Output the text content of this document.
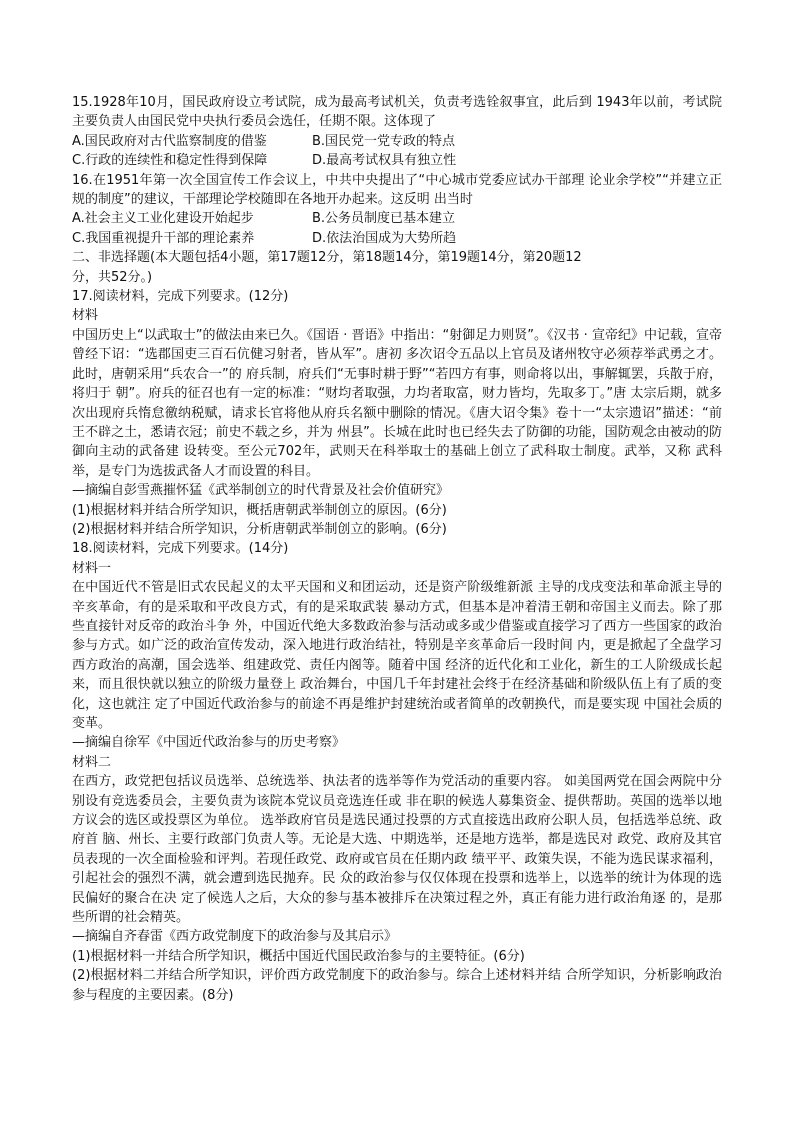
15.1928年10月，国民政府设立考试院，成为最高考试机关，负责考选铨叙事宜，此后到 1943年以前，考试院主要负责人由国民党中央执行委员会选任，任期不限。这体现了
A.国民政府对古代监察制度的借鉴	B.国民党一党专政的特点
C.行政的连续性和稳定性得到保障	D.最高考试权具有独立性
16.在1951年第一次全国宣传工作会议上，中共中央提出了“中心城市党委应试办干部理 论业余学校”“并建立正规的制度”的建议，干部理论学校随即在各地开办起来。这反明 出当时
A.社会主义工业化建设开始起步	B.公务员制度已基本建立
C.我国重视提升干部的理论素养	D.依法治国成为大势所趋
二、非选择题(本大题包括4小题，第17题12分，第18题14分，第19题14分，第20题12
分，共52分。)
17.阅读材料，完成下列要求。(12分)
材料
中国历史上“以武取士”的做法由来已久。《国语 · 晋语》中指出：“射御足力则贤”。《汉书 · 宣帝纪》中记载，宣帝曾经下诏：“选郡国吏三百石伉健习射者，皆从军”。唐初 多次诏令五品以上官员及诸州牧守必须荐举武勇之才。此时，唐朝采用“兵农合一”的 府兵制，府兵们“无事时耕于野”“若四方有事，则命将以出，事解辄罢，兵散于府，将归于 朝”。府兵的征召也有一定的标准：“财均者取强，力均者取富，财力皆均，先取多丁。”唐 太宗后期，就多次出现府兵惰怠徼纳税赋，请求长官将他从府兵名额中删除的情况。《唐大诏令集》卷十一“太宗遗诏”描述：“前王不辟之土，悉请衣冠；前史不载之乡，并为 州县”。长城在此时也已经失去了防御的功能，国防观念由被动的防御向主动的武备建 设转变。至公元702年，武则天在科举取士的基础上创立了武科取士制度。武举，又称 武科举，是专门为选拔武备人才而设置的科目。
—摘编自彭雪燕摧怀猛《武举制创立的时代背景及社会价值研究》
(1)根据材料并结合所学知识，概括唐朝武举制创立的原因。(6分)
(2)根据材料并结合所学知识，分析唐朝武举制创立的影响。(6分)
18.阅读材料，完成下列要求。(14分)
材料一
在中国近代不管是旧式农民起义的太平天国和义和团运动，还是资产阶级维新派 主导的戊戌变法和革命派主导的辛亥革命，有的是采取和平改良方式，有的是采取武装 暴动方式，但基本是冲着清王朝和帝国主义而去。除了那些直接针对反帝的政治斗争 外，中国近代绝大多数政治参与活动或多或少借鉴或直接学习了西方一些国家的政治 参与方式。如广泛的政治宣传发动，深入地进行政治结社，特别是辛亥革命后一段时间 内，更是掀起了全盘学习西方政治的高潮，国会选举、组建政党、责任内阁等。随着中国 经济的近代化和工业化，新生的工人阶级成长起来，而且很快就以独立的阶级力量登上 政治舞台，中国几千年封建社会终于在经济基础和阶级队伍上有了质的变化，这也就注 定了中国近代政治参与的前途不再是维护封建统治或者简单的改朝换代，而是要实现 中国社会质的变革。
—摘编自徐军《中国近代政治参与的历史考察》
材料二
在西方，政党把包括议员选举、总统选举、执法者的选举等作为党活动的重要内容。 如美国两党在国会两院中分别设有竞选委员会，主要负责为该院本党议员竞选连任或 非在职的候选人募集资金、提供帮助。英国的选举以地方议会的选区或投票区为单位。 选举政府官员是选民通过投票的方式直接选出政府公职人员，包括选举总统、政府首 脑、州长、主要行政部门负责人等。无论是大选、中期选举，还是地方选举，都是选民对 政党、政府及其官员表现的一次全面检验和评判。若现任政党、政府或官员在任期内政 绩平平、政策失误，不能为选民谋求福利，引起社会的强烈不满，就会遭到选民抛弃。民 众的政治参与仅仅体现在投票和选举上，以选举的统计为体现的选民偏好的聚合在决 定了候选人之后，大众的参与基本被排斥在决策过程之外，真正有能力进行政治角逐 的，是那些所谓的社会精英。
—摘编自齐春雷《西方政党制度下的政治参与及其启示》
(1)根据材料一并结合所学知识，概括中国近代国民政治参与的主要特征。(6分)
(2)根据材料二并结合所学知识，评价西方政党制度下的政治参与。综合上述材料并结 合所学知识，分析影响政治参与程度的主要因素。(8分)
